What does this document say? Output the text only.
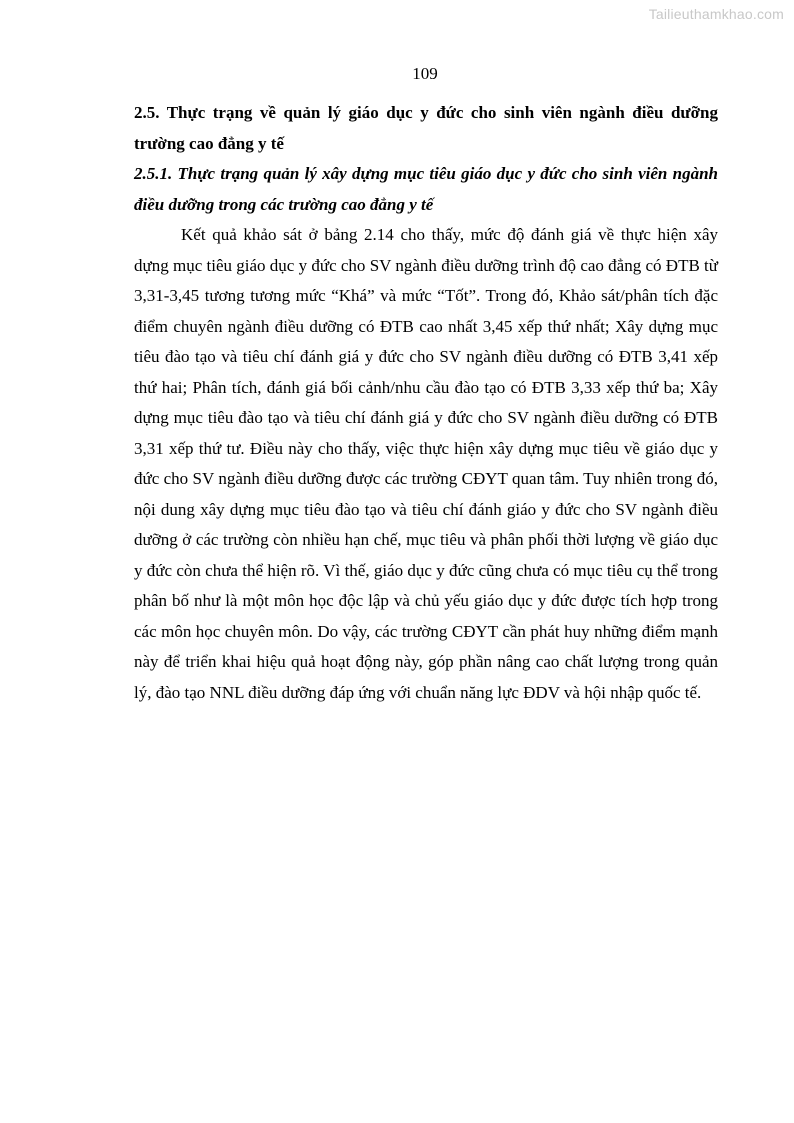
Tailieuthamkhao.com
109

2.5. Thực trạng về quản lý giáo dục y đức cho sinh viên ngành điều dưỡng trường cao đẳng y tế

2.5.1. Thực trạng quản lý xây dựng mục tiêu giáo dục y đức cho sinh viên ngành điều dưỡng trong các trường cao đẳng y tế

Kết quả khảo sát ở bảng 2.14 cho thấy, mức độ đánh giá về thực hiện xây dựng mục tiêu giáo dục y đức cho SV ngành điều dưỡng trình độ cao đẳng có ĐTB từ 3,31-3,45 tương tương mức “Khá” và mức “Tốt”. Trong đó, Khảo sát/phân tích đặc điểm chuyên ngành điều dưỡng có ĐTB cao nhất 3,45 xếp thứ nhất; Xây dựng mục tiêu đào tạo và tiêu chí đánh giá y đức cho SV ngành điều dưỡng có ĐTB 3,41 xếp thứ hai; Phân tích, đánh giá bối cảnh/nhu cầu đào tạo có ĐTB 3,33 xếp thứ ba; Xây dựng mục tiêu đào tạo và tiêu chí đánh giá y đức cho SV ngành điều dưỡng có ĐTB 3,31 xếp thứ tư. Điều này cho thấy, việc thực hiện xây dựng mục tiêu về giáo dục y đức cho SV ngành điều dưỡng được các trường CĐYT quan tâm. Tuy nhiên trong đó, nội dung xây dựng mục tiêu đào tạo và tiêu chí đánh giáo y đức cho SV ngành điều dưỡng ở các trường còn nhiều hạn chế, mục tiêu và phân phối thời lượng về giáo dục y đức còn chưa thể hiện rõ. Vì thế, giáo dục y đức cũng chưa có mục tiêu cụ thể trong phân bố như là một môn học độc lập và chủ yếu giáo dục y đức được tích hợp trong các môn học chuyên môn. Do vậy, các trường CĐYT cần phát huy những điểm mạnh này để triển khai hiệu quả hoạt động này, góp phần nâng cao chất lượng trong quản lý, đào tạo NNL điều dưỡng đáp ứng với chuẩn năng lực ĐDV và hội nhập quốc tế.
